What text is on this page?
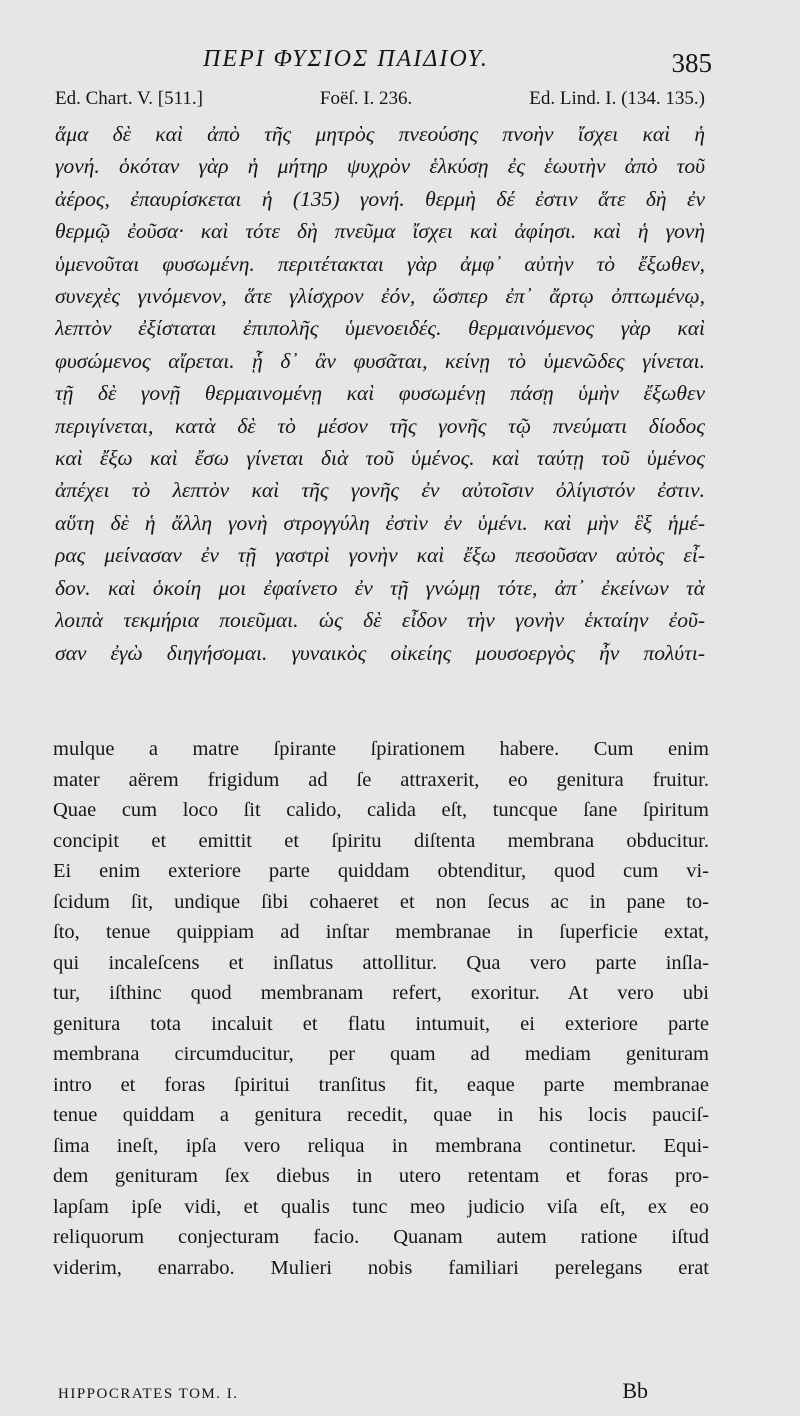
ΠΕΡΙ ΦΥΣΙΟΣ ΠΑΙΔΙΟΥ.	385
Ed. Chart. V. [511.]	Foëſ. I. 236.	Ed. Lind. I. (134. 135.)
ἅμα δὲ καὶ ἀπὸ τῆς μητρὸς πνεούσης πνοὴν ἴσχει καὶ ἡ
γονή. ὁκόταν γὰρ ἡ μήτηρ ψυχρὸν ἑλκύσῃ ἐς ἑωυτὴν ἀπὸ τοῦ
ἀέρος, ἐπαυρίσκεται ἡ (135) γονή. θερμὴ δέ ἐστιν ἅτε δὴ ἐν
θερμῷ ἐοῦσα· καὶ τότε δὴ πνεῦμα ἴσχει καὶ ἀφίησι. καὶ ἡ γονὴ
ὑμενοῦται φυσωμένη. περιτέτακται γὰρ ἀμφ᾽ αὐτὴν τὸ ἔξωθεν,
συνεχὲς γινόμενον, ἅτε γλίσχρον ἐόν, ὥσπερ ἐπ᾽ ἄρτῳ ὀπτωμένῳ,
λεπτὸν ἐξίσταται ἐπιπολῆς ὑμενοειδές. θερμαινόμενος γὰρ καὶ
φυσώμενος αἴρεται. ᾗ δ᾽ ἂν φυσᾶται, κείνῃ τὸ ὑμενῶδες γίνεται.
τῇ δὲ γονῇ θερμαινομένῃ καὶ φυσωμένῃ πάσῃ ὑμὴν ἔξωθεν
περιγίνεται, κατὰ δὲ τὸ μέσον τῆς γονῆς τῷ πνεύματι δίοδος
καὶ ἔξω καὶ ἔσω γίνεται διὰ τοῦ ὑμένος. καὶ ταύτῃ τοῦ ὑμένος
ἀπέχει τὸ λεπτὸν καὶ τῆς γονῆς ἐν αὐτοῖσιν ὀλίγιστόν ἐστιν.
αὕτη δὲ ἡ ἄλλη γονὴ στρογγύλη ἐστὶν ἐν ὑμένι. καὶ μὴν ἓξ ἡμέ-
ρας μείνασαν ἐν τῇ γαστρὶ γονὴν καὶ ἔξω πεσοῦσαν αὐτὸς εἶ-
δον. καὶ ὁκοίη μοι ἐφαίνετο ἐν τῇ γνώμῃ τότε, ἀπ᾽ ἐκείνων τὰ
λοιπὰ τεκμήρια ποιεῦμαι. ὡς δὲ εἶδον τὴν γονὴν ἑκταίην ἐοῦ-
σαν ἐγὼ διηγήσομαι. γυναικὸς οἰκείης μουσοεργὸς ἦν πολύτι-
mulque a matre ſpirante ſpirationem habere. Cum enim
mater aërem frigidum ad ſe attraxerit, eo genitura fruitur.
Quae cum loco ſit calido, calida eſt, tuncque ſane ſpiritum
concipit et emittit et ſpiritu diſtenta membrana obducitur.
Ei enim exteriore parte quiddam obtenditur, quod cum vi-
ſcidum ſit, undique ſibi cohaeret et non ſecus ac in pane to-
ſto, tenue quippiam ad inſtar membranae in ſuperficie extat,
qui incaleſcens et inſlatus attollitur. Qua vero parte inſla-
tur, iſthinc quod membranam refert, exoritur. At vero ubi
genitura tota incaluit et flatu intumuit, ei exteriore parte
membrana circumducitur, per quam ad mediam genituram
intro et foras ſpiritui tranſitus fit, eaque parte membranae
tenue quiddam a genitura recedit, quae in his locis pauciſ-
ſima ineſt, ipſa vero reliqua in membrana continetur. Equi-
dem genituram ſex diebus in utero retentam et foras pro-
lapſam ipſe vidi, et qualis tunc meo judicio viſa eſt, ex eo
reliquorum conjecturam facio. Quanam autem ratione iſtud
viderim, enarrabo. Mulieri nobis familiari perelegans erat
HIPPOCRATES TOM. I.	Bb
